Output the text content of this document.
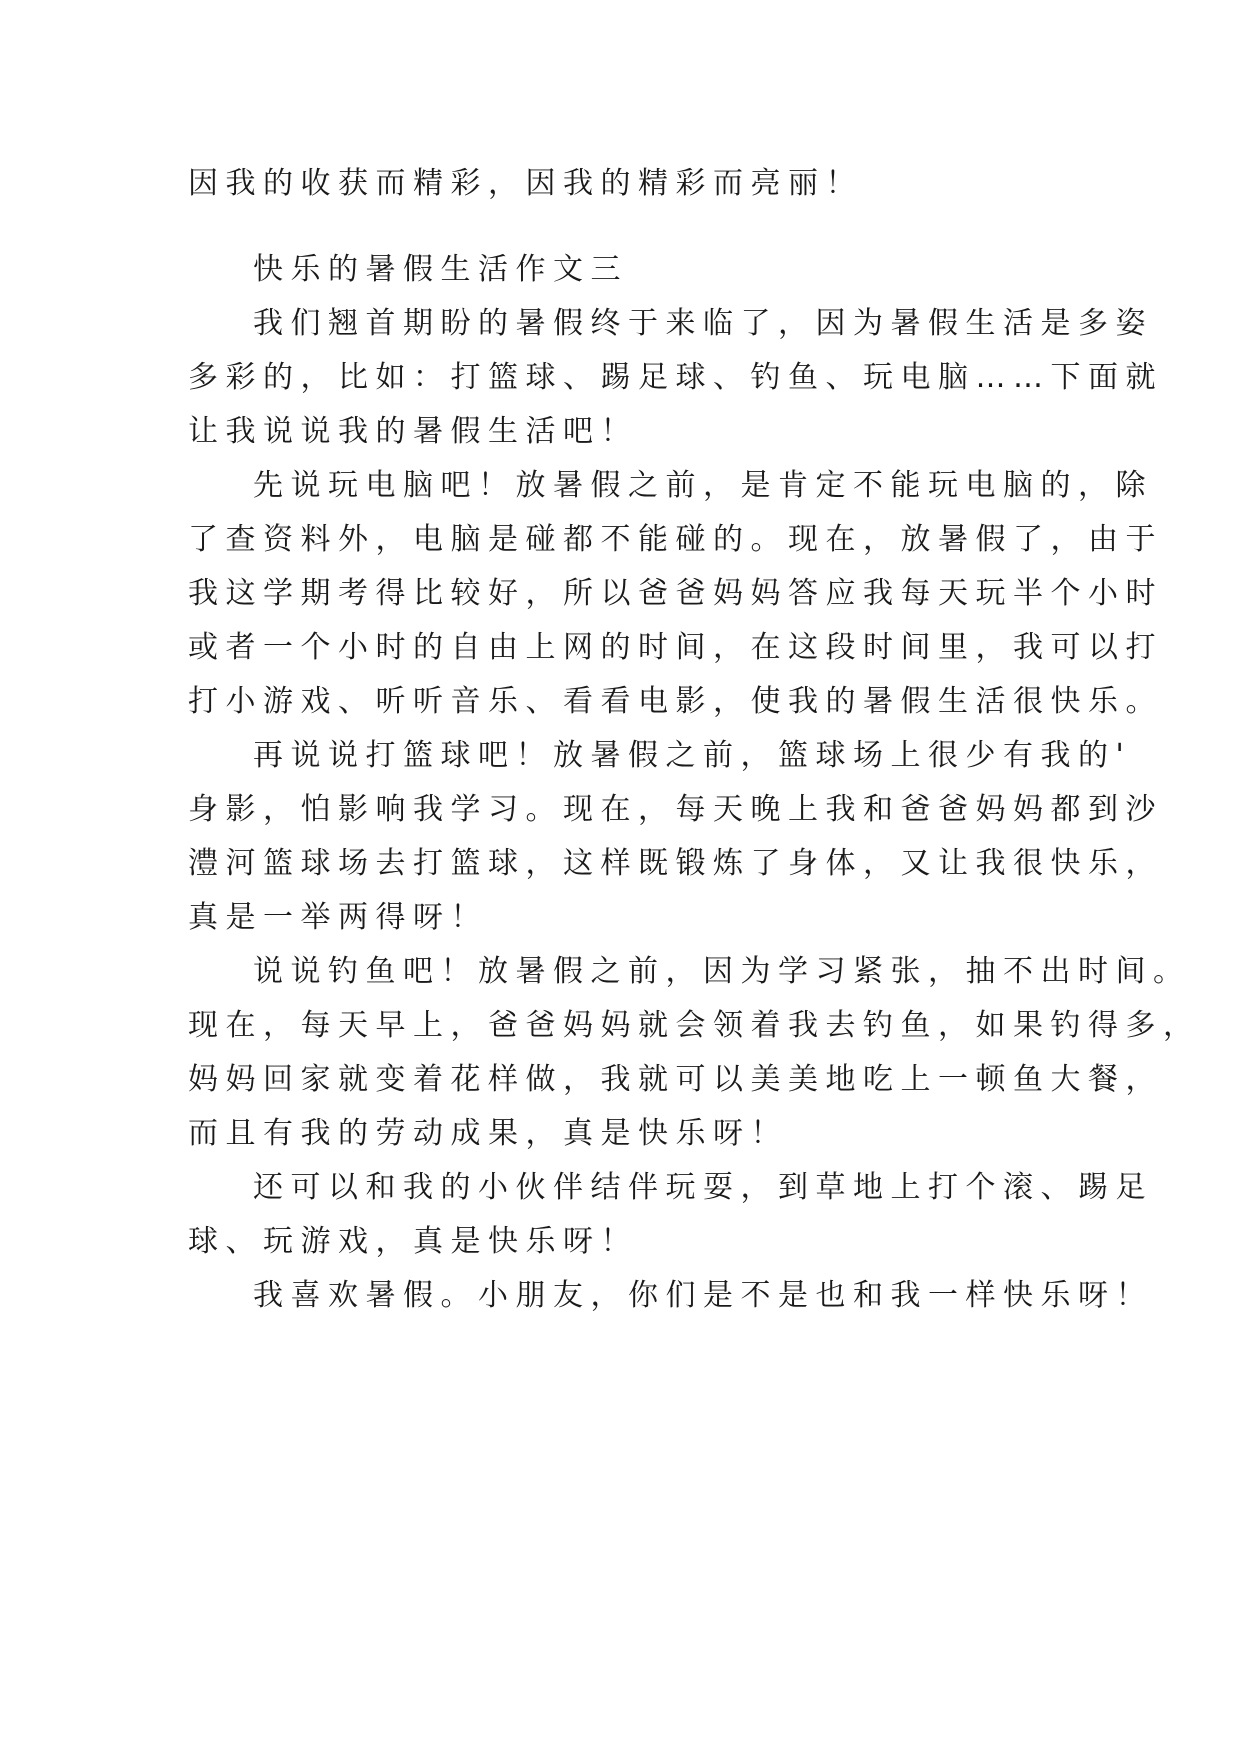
因我的收获而精彩，因我的精彩而亮丽！
快乐的暑假生活作文三
我们翘首期盼的暑假终于来临了，因为暑假生活是多姿
多彩的，比如：打篮球、踢足球、钓鱼、玩电脑……下面就
让我说说我的暑假生活吧！
先说玩电脑吧！放暑假之前，是肯定不能玩电脑的，除
了查资料外，电脑是碰都不能碰的。现在，放暑假了，由于
我这学期考得比较好，所以爸爸妈妈答应我每天玩半个小时
或者一个小时的自由上网的时间，在这段时间里，我可以打
打小游戏、听听音乐、看看电影，使我的暑假生活很快乐。
再说说打篮球吧！放暑假之前，篮球场上很少有我的'
身影，怕影响我学习。现在，每天晚上我和爸爸妈妈都到沙
澧河篮球场去打篮球，这样既锻炼了身体，又让我很快乐，
真是一举两得呀！
说说钓鱼吧！放暑假之前，因为学习紧张，抽不出时间。
现在，每天早上，爸爸妈妈就会领着我去钓鱼，如果钓得多，
妈妈回家就变着花样做，我就可以美美地吃上一顿鱼大餐，
而且有我的劳动成果，真是快乐呀！
还可以和我的小伙伴结伴玩耍，到草地上打个滚、踢足
球、玩游戏，真是快乐呀！
我喜欢暑假。小朋友，你们是不是也和我一样快乐呀！
